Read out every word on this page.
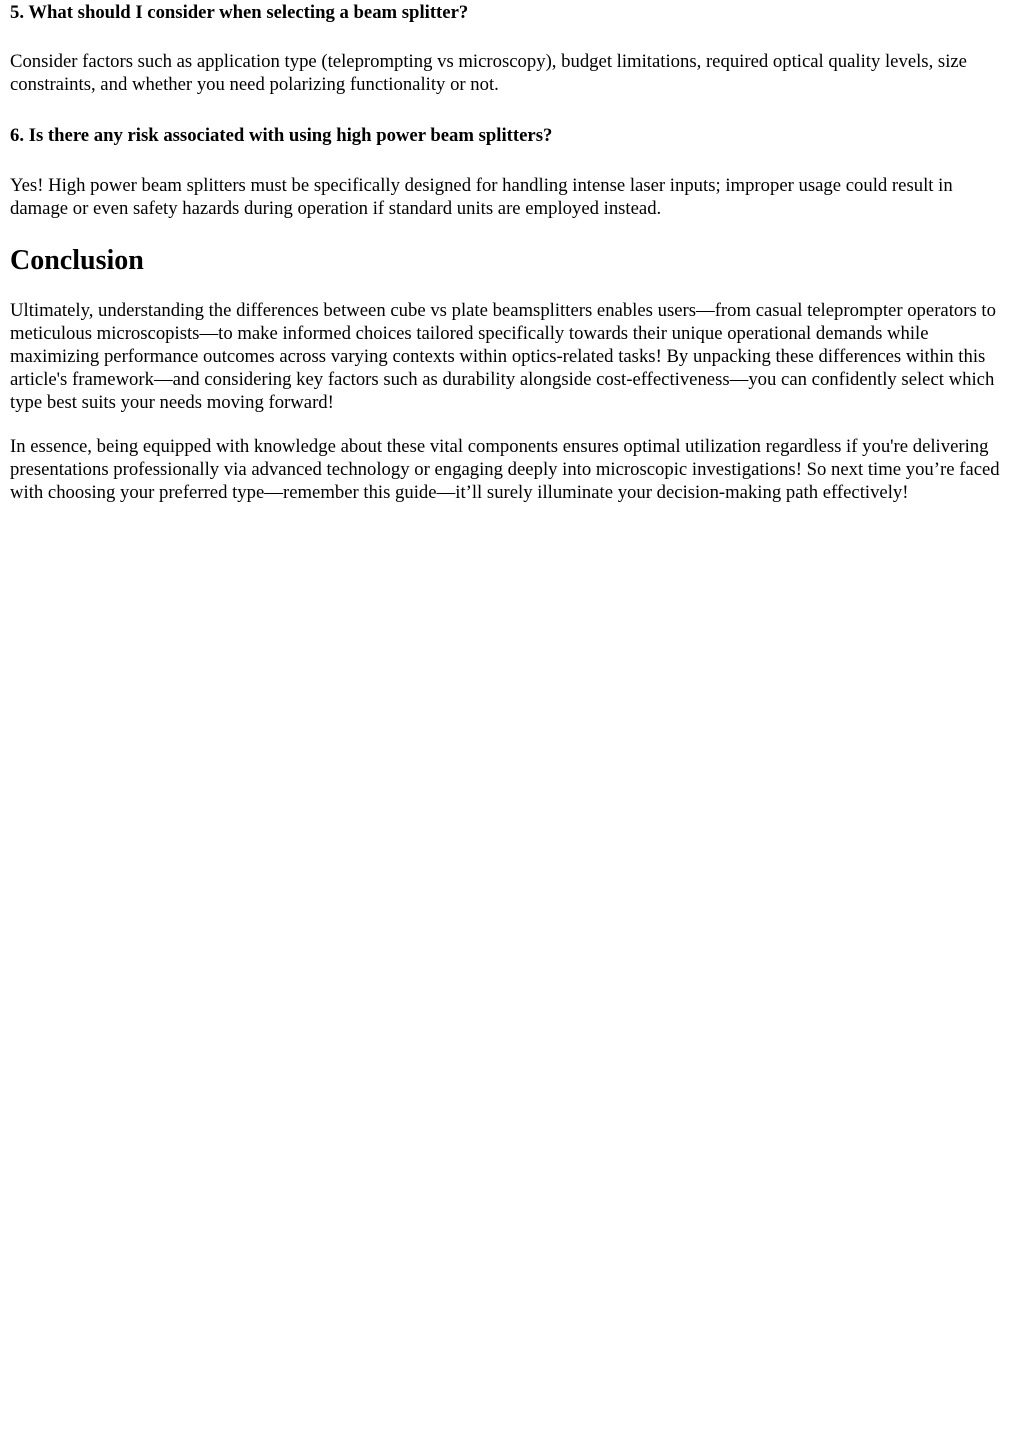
5. What should I consider when selecting a beam splitter?

Consider factors such as application type (teleprompting vs microscopy), budget limitations, required optical quality levels, size constraints, and whether you need polarizing functionality or not.

6. Is there any risk associated with using high power beam splitters?

Yes! High power beam splitters must be specifically designed for handling intense laser inputs; improper usage could result in damage or even safety hazards during operation if standard units are employed instead.

Conclusion

Ultimately, understanding the differences between cube vs plate beamsplitters enables users—from casual teleprompter operators to meticulous microscopists—to make informed choices tailored specifically towards their unique operational demands while maximizing performance outcomes across varying contexts within optics-related tasks! By unpacking these differences within this article's framework—and considering key factors such as durability alongside cost-effectiveness—you can confidently select which type best suits your needs moving forward!

In essence, being equipped with knowledge about these vital components ensures optimal utilization regardless if you're delivering presentations professionally via advanced technology or engaging deeply into microscopic investigations! So next time you’re faced with choosing your preferred type—remember this guide—it’ll surely illuminate your decision-making path effectively!
